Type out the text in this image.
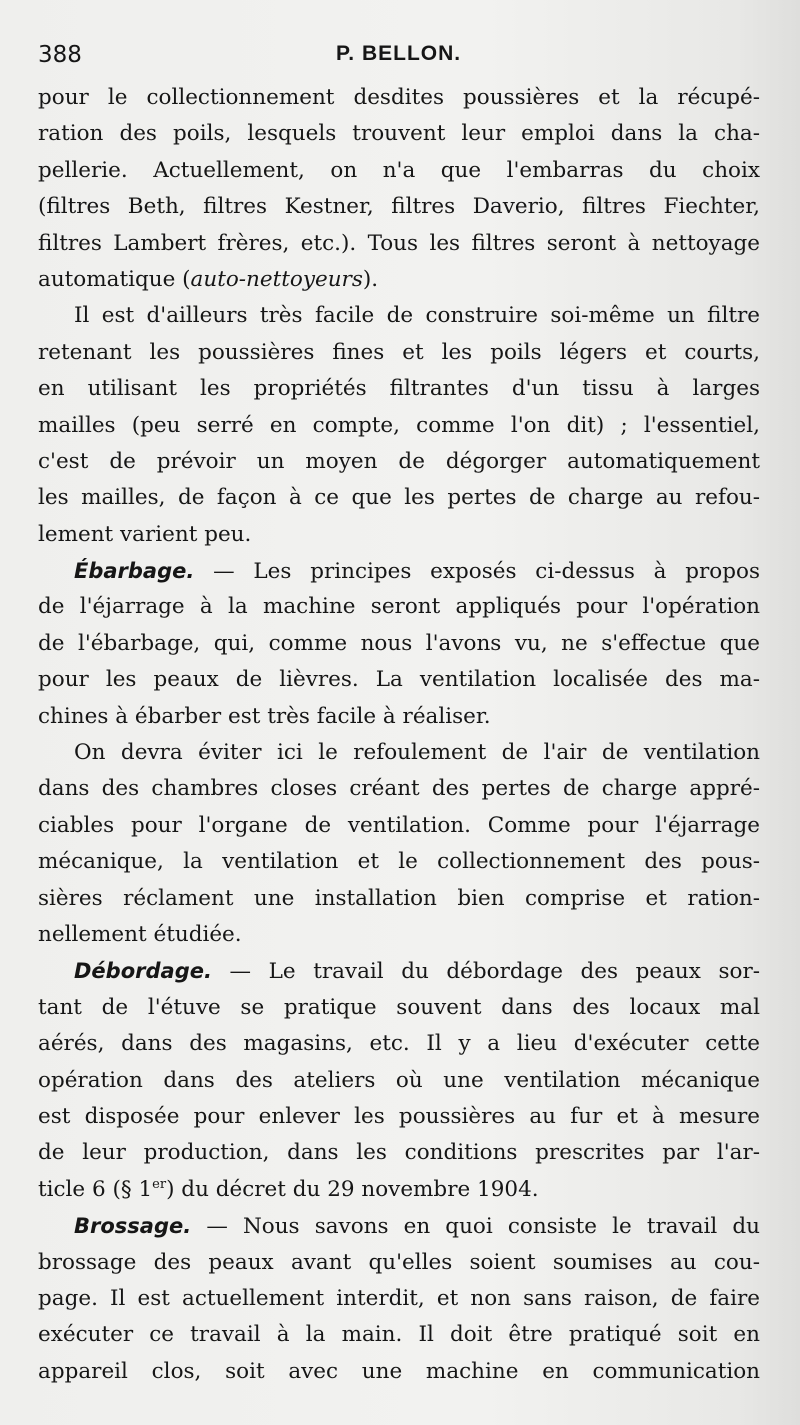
388	P. BELLON.
pour le collectionnement desdites poussières et la récupé-
ration des poils, lesquels trouvent leur emploi dans la cha-
pellerie. Actuellement, on n'a que l'embarras du choix
(filtres Beth, filtres Kestner, filtres Daverio, filtres Fiechter,
filtres Lambert frères, etc.). Tous les filtres seront à nettoyage
automatique (auto-nettoyeurs).
Il est d'ailleurs très facile de construire soi-même un filtre
retenant les poussières fines et les poils légers et courts,
en utilisant les propriétés filtrantes d'un tissu à larges
mailles (peu serré en compte, comme l'on dit) ; l'essentiel,
c'est de prévoir un moyen de dégorger automatiquement
les mailles, de façon à ce que les pertes de charge au refou-
lement varient peu.
Ébarbage. — Les principes exposés ci-dessus à propos
de l'éjarrage à la machine seront appliqués pour l'opération
de l'ébarbage, qui, comme nous l'avons vu, ne s'effectue que
pour les peaux de lièvres. La ventilation localisée des ma-
chines à ébarber est très facile à réaliser.
On devra éviter ici le refoulement de l'air de ventilation
dans des chambres closes créant des pertes de charge appré-
ciables pour l'organe de ventilation. Comme pour l'éjarrage
mécanique, la ventilation et le collectionnement des pous-
sières réclament une installation bien comprise et ration-
nellement étudiée.
Débordage. — Le travail du débordage des peaux sor-
tant de l'étuve se pratique souvent dans des locaux mal
aérés, dans des magasins, etc. Il y a lieu d'exécuter cette
opération dans des ateliers où une ventilation mécanique
est disposée pour enlever les poussières au fur et à mesure
de leur production, dans les conditions prescrites par l'ar-
ticle 6 (§ 1er) du décret du 29 novembre 1904.
Brossage. — Nous savons en quoi consiste le travail du
brossage des peaux avant qu'elles soient soumises au cou-
page. Il est actuellement interdit, et non sans raison, de faire
exécuter ce travail à la main. Il doit être pratiqué soit en
appareil clos, soit avec une machine en communication
